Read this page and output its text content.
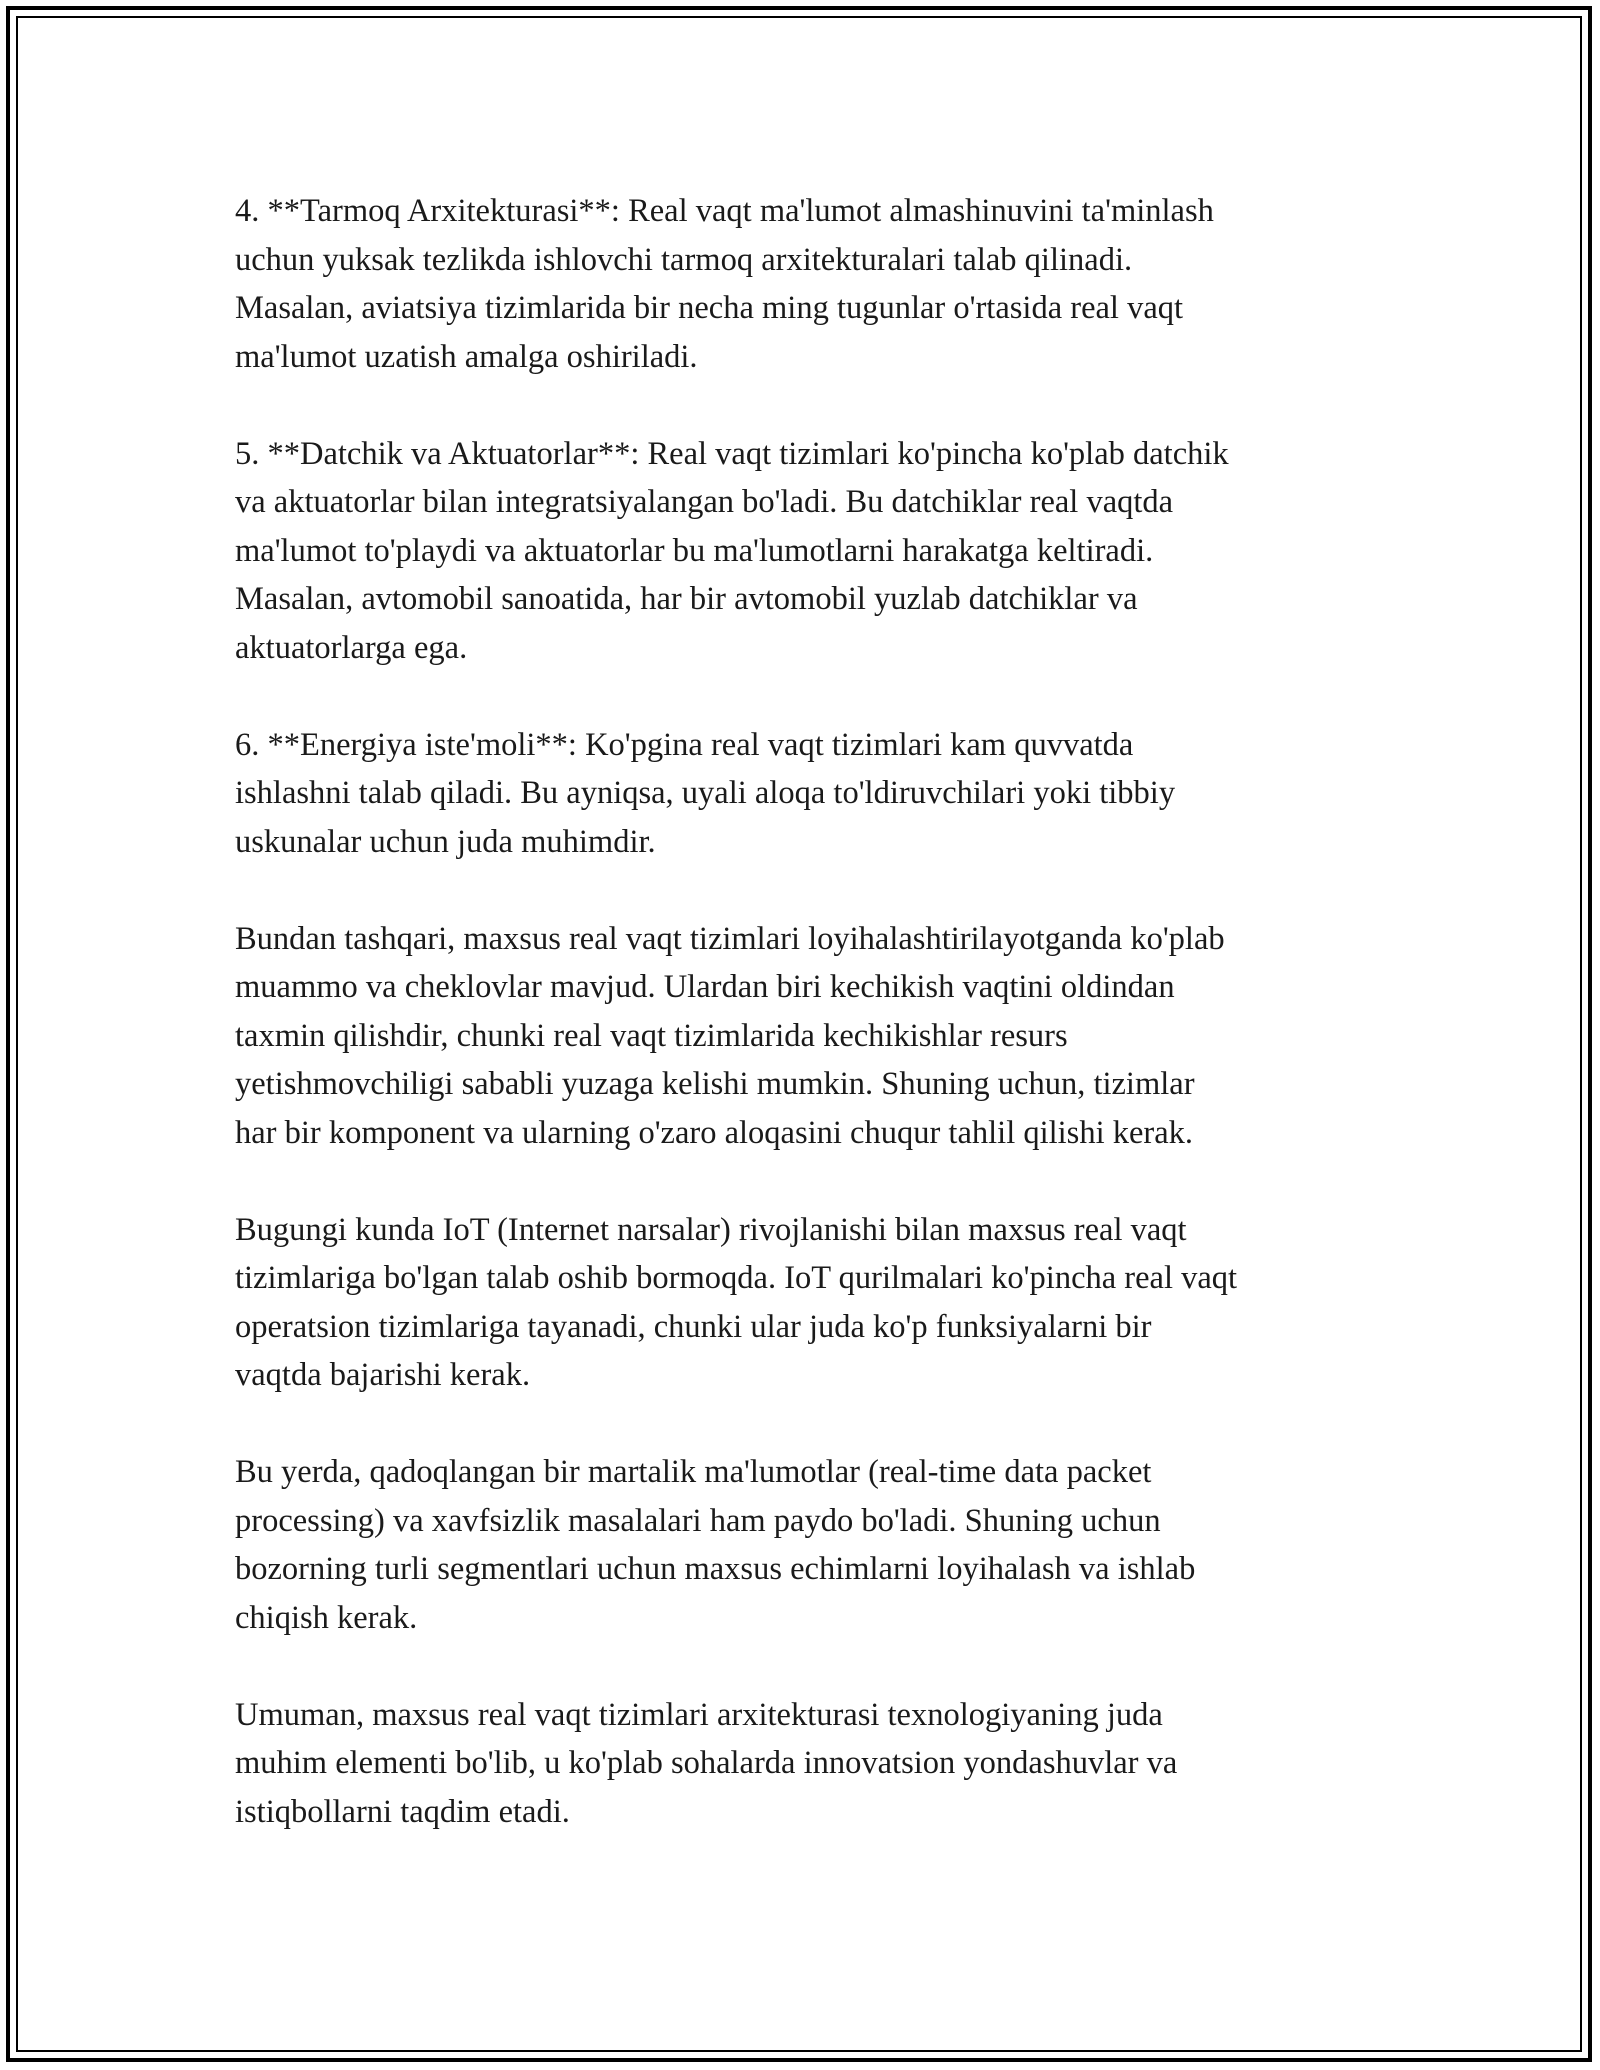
4. **Tarmoq Arxitekturasi**: Real vaqt ma'lumot almashinuvini ta'minlash
uchun yuksak tezlikda ishlovchi tarmoq arxitekturalari talab qilinadi.
Masalan, aviatsiya tizimlarida bir necha ming tugunlar o'rtasida real vaqt
ma'lumot uzatish amalga oshiriladi.

5. **Datchik va Aktuatorlar**: Real vaqt tizimlari ko'pincha ko'plab datchik
va aktuatorlar bilan integratsiyalangan bo'ladi. Bu datchiklar real vaqtda
ma'lumot to'playdi va aktuatorlar bu ma'lumotlarni harakatga keltiradi.
Masalan, avtomobil sanoatida, har bir avtomobil yuzlab datchiklar va
aktuatorlarga ega.

6. **Energiya iste'moli**: Ko'pgina real vaqt tizimlari kam quvvatda
ishlashni talab qiladi. Bu ayniqsa, uyali aloqa to'ldiruvchilari yoki tibbiy
uskunalar uchun juda muhimdir.

Bundan tashqari, maxsus real vaqt tizimlari loyihalashtirilayotganda ko'plab
muammo va cheklovlar mavjud. Ulardan biri kechikish vaqtini oldindan
taxmin qilishdir, chunki real vaqt tizimlarida kechikishlar resurs
yetishmovchiligi sababli yuzaga kelishi mumkin. Shuning uchun, tizimlar
har bir komponent va ularning o'zaro aloqasini chuqur tahlil qilishi kerak.

Bugungi kunda IoT (Internet narsalar) rivojlanishi bilan maxsus real vaqt
tizimlariga bo'lgan talab oshib bormoqda. IoT qurilmalari ko'pincha real vaqt
operatsion tizimlariga tayanadi, chunki ular juda ko'p funksiyalarni bir
vaqtda bajarishi kerak.

Bu yerda, qadoqlangan bir martalik ma'lumotlar (real-time data packet
processing) va xavfsizlik masalalari ham paydo bo'ladi. Shuning uchun
bozorning turli segmentlari uchun maxsus echimlarni loyihalash va ishlab
chiqish kerak.

Umuman, maxsus real vaqt tizimlari arxitekturasi texnologiyaning juda
muhim elementi bo'lib, u ko'plab sohalarda innovatsion yondashuvlar va
istiqbollarni taqdim etadi.
